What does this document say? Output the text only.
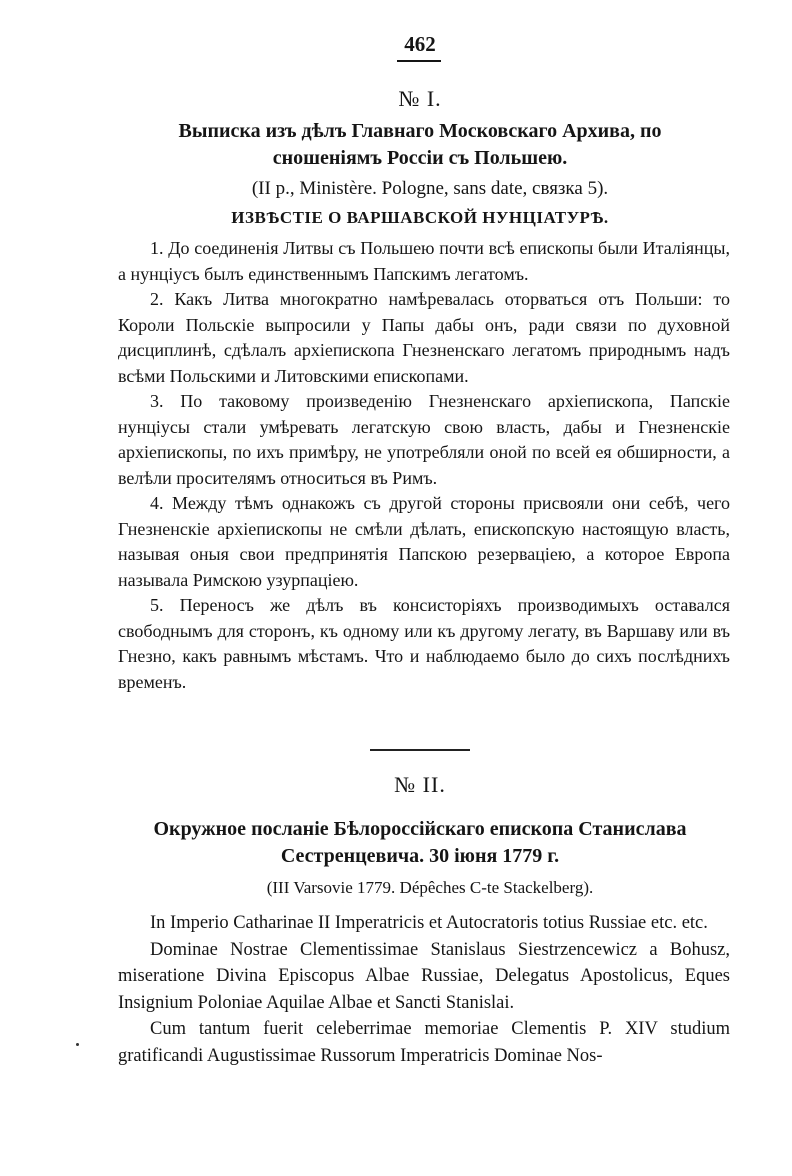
462
№ I.
Выписка изъ дѣлъ Главнаго Московскаго Архива, по
сношеніямъ Россіи съ Польшею.
(II р., Ministère. Pologne, sans date, связка 5).
ИЗВѢСТІЕ О ВАРШАВСКОЙ НУНЦІАТУРѢ.

1. До соединенія Литвы съ Польшею почти всѣ епископы были Италіянцы, а нунціусъ былъ единственнымъ Папскимъ легатомъ.

2. Какъ Литва многократно намѣревалась оторваться отъ Польши: то Короли Польскіе выпросили у Папы дабы онъ, ради связи по духовной дисциплинѣ, сдѣлалъ архіепископа Гнезненскаго легатомъ природнымъ надъ всѣми Польскими и Литовскими епископами.

3. По таковому произведенію Гнезненскаго архіепископа, Папскіе нунціусы стали умѣревать легатскую свою власть, дабы и Гнезненскіе архіепископы, по ихъ примѣру, не употребляли оной по всей ея обширности, а велѣли просителямъ относиться въ Римъ.

4. Между тѣмъ однакожъ съ другой стороны присвояли они себѣ, чего Гнезненскіе архіепископы не смѣли дѣлать, епископскую настоящую власть, называя оныя свои предпринятія Папскою резерваціею, а которое Европа называла Римскою узурпаціею.

5. Переносъ же дѣлъ въ консисторіяхъ производимыхъ оставался свободнымъ для сторонъ, къ одному или къ другому легату, въ Варшаву или въ Гнезно, какъ равнымъ мѣстамъ. Что и наблюдаемо было до сихъ послѣднихъ временъ.

№ II.
Окружное посланіе Бѣлороссійскаго епископа Станислава
Сестренцевича. 30 іюня 1779 г.
(III Varsovie 1779. Dépêches C-te Stackelberg).

In Imperio Catharinae II Imperatricis et Autocratoris totius Russiae etc. etc.

Dominae Nostrae Clementissimae Stanislaus Siestrzencewicz a Bohusz, miseratione Divina Episcopus Albae Russiae, Delegatus Apostolicus, Eques Insignium Poloniae Aquilae Albae et Sancti Stanislai.

Cum tantum fuerit celeberrimae memoriae Clementis P. XIV studium gratificandi Augustissimae Russorum Imperatricis Dominae Nos-
